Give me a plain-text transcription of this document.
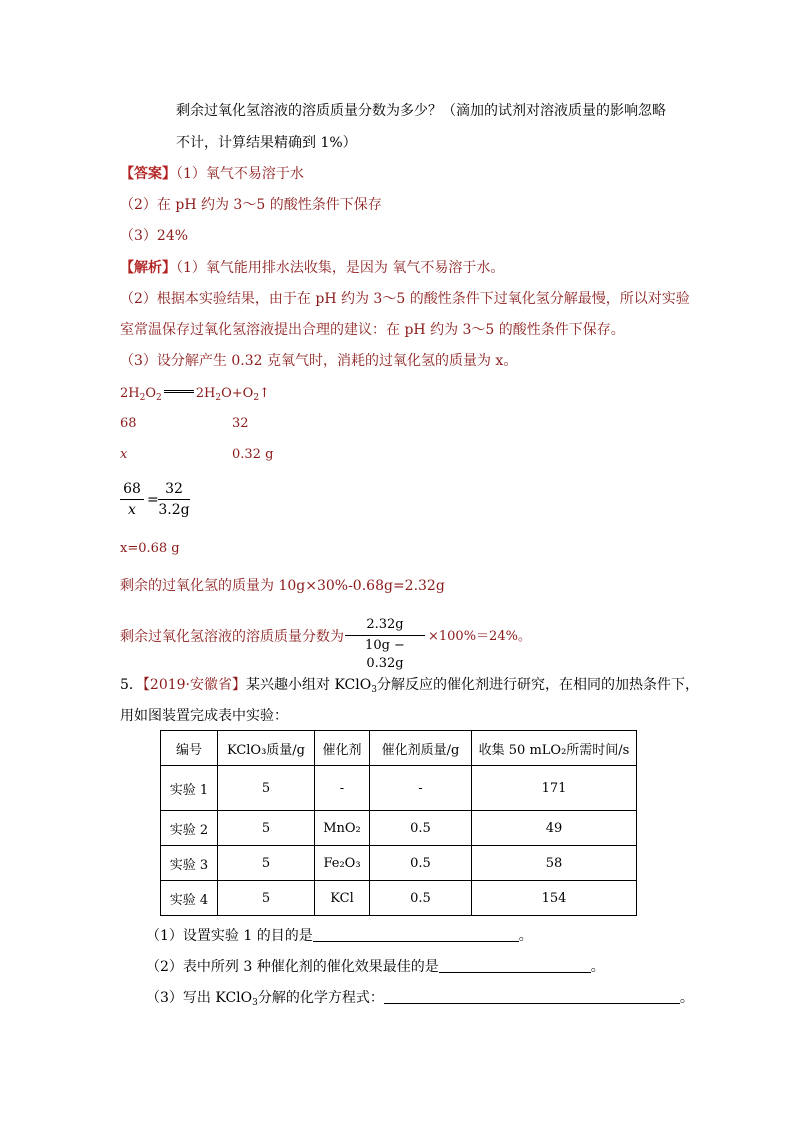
剩余过氧化氢溶液的溶质质量分数为多少？（滴加的试剂对溶液质量的影响忽略
不计，计算结果精确到 1%）
【答案】（1）氧气不易溶于水
（2）在 pH 约为 3～5 的酸性条件下保存
（3）24%
【解析】（1）氧气能用排水法收集，是因为 氧气不易溶于水。
（2）根据本实验结果，由于在 pH 约为 3～5 的酸性条件下过氧化氢分解最慢，所以对实验
室常温保存过氧化氢溶液提出合理的建议：在 pH 约为 3～5 的酸性条件下保存。
（3）设分解产生 0.32 克氧气时，消耗的过氧化氢的质量为 x。
$2H_2O_2$	$2H_2O+O_2↑$
68	32
x	0.32 g
68
x
=
32
3.2g
x=0.68 g
剩余的过氧化氢的质量为 10g×30%-0.68g=2.32g
剩余过氧化氢溶液的溶质质量分数为
2.32g
10g − 0.32g
×100%＝24%。
5．【2019·安徽省】某兴趣小组对 KClO$_3$分解反应的催化剂进行研究，在相同的加热条件下，
用如图装置完成表中实验：
编号	KClO₃质量/g	催化剂	催化剂质量/g	收集 50 mLO₂所需时间/s
实验 1	5	-	-	171
实验 2	5	MnO₂	0.5	49
实验 3	5	Fe₂O₃	0.5	58
实验 4	5	KCl	0.5	154
（1）设置实验 1 的目的是	。
（2）表中所列 3 种催化剂的催化效果最佳的是	。
（3）写出 KClO$_3$分解的化学方程式：	。
